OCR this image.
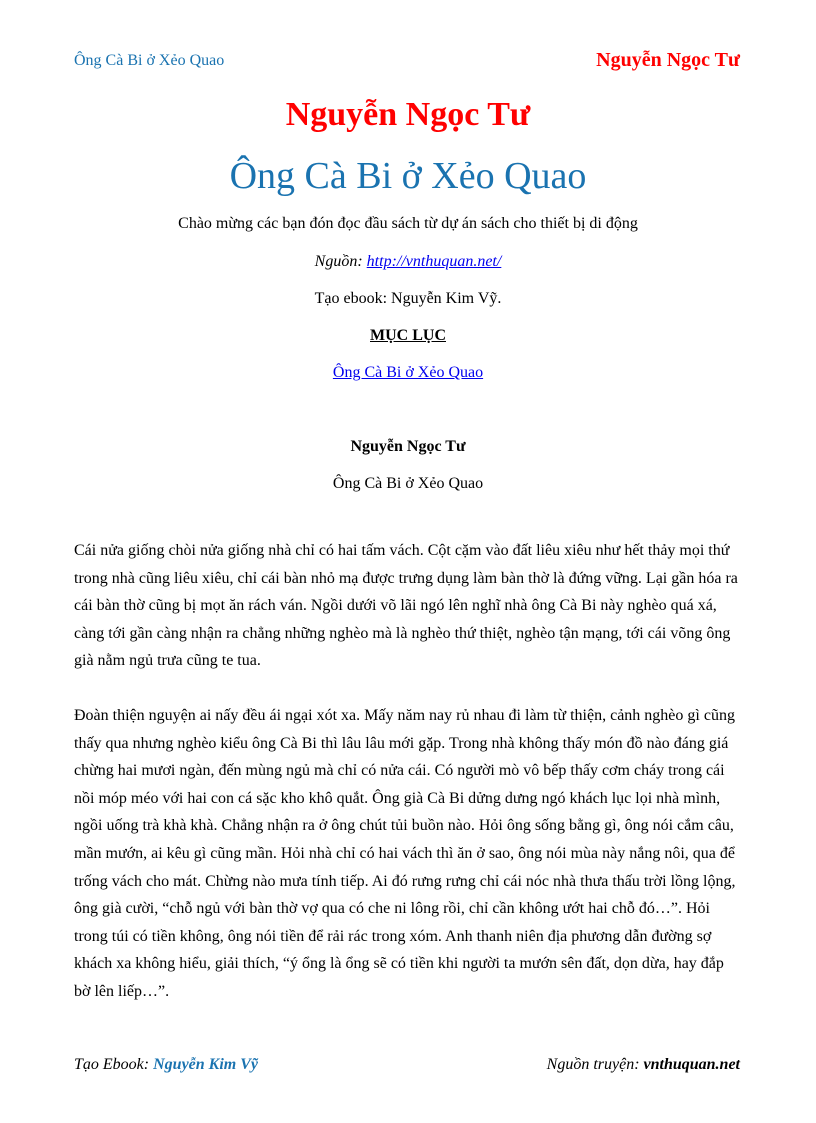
Ông Cà Bi ở Xẻo Quao	Nguyễn Ngọc Tư
Nguyễn Ngọc Tư
Ông Cà Bi ở Xẻo Quao
Chào mừng các bạn đón đọc đầu sách từ dự án sách cho thiết bị di động
Nguồn: http://vnthuquan.net/
Tạo ebook: Nguyễn Kim Vỹ.
MỤC LỤC
Ông Cà Bi ở Xẻo Quao
Nguyễn Ngọc Tư
Ông Cà Bi ở Xẻo Quao

Cái nửa giống chòi nửa giống nhà chỉ có hai tấm vách. Cột cặm vào đất liêu xiêu như hết thảy mọi thứ trong nhà cũng liêu xiêu, chỉ cái bàn nhỏ mạ được trưng dụng làm bàn thờ là đứng vững. Lại gần hóa ra cái bàn thờ cũng bị mọt ăn rách ván. Ngồi dưới võ lãi ngó lên nghĩ nhà ông Cà Bi này nghèo quá xá, càng tới gần càng nhận ra chẳng những nghèo mà là nghèo thứ thiệt, nghèo tận mạng, tới cái võng ông già nằm ngủ trưa cũng te tua.

Đoàn thiện nguyện ai nấy đều ái ngại xót xa. Mấy năm nay rủ nhau đi làm từ thiện, cảnh nghèo gì cũng thấy qua nhưng nghèo kiểu ông Cà Bi thì lâu lâu mới gặp. Trong nhà không thấy món đồ nào đáng giá chừng hai mươi ngàn, đến mùng ngủ mà chỉ có nửa cái. Có người mò vô bếp thấy cơm cháy trong cái nồi móp méo với hai con cá sặc kho khô quắt. Ông già Cà Bi dửng dưng ngó khách lục lọi nhà mình, ngồi uống trà khà khà. Chẳng nhận ra ở ông chút tủi buồn nào. Hỏi ông sống bằng gì, ông nói cắm câu, mần mướn, ai kêu gì cũng mần. Hỏi nhà chỉ có hai vách thì ăn ở sao, ông nói mùa này nắng nôi, qua để trống vách cho mát. Chừng nào mưa tính tiếp. Ai đó rưng rưng chỉ cái nóc nhà thưa thấu trời lồng lộng, ông già cười, “chỗ ngủ với bàn thờ vợ qua có che ni lông rồi, chỉ cần không ướt hai chỗ đó…”. Hỏi trong túi có tiền không, ông nói tiền để rải rác trong xóm. Anh thanh niên địa phương dẫn đường sợ khách xa không hiểu, giải thích, “ý ổng là ổng sẽ có tiền khi người ta mướn sên đất, dọn dừa, hay đắp bờ lên liếp…”.

Tạo Ebook: Nguyễn Kim Vỹ	Nguồn truyện: vnthuquan.net
